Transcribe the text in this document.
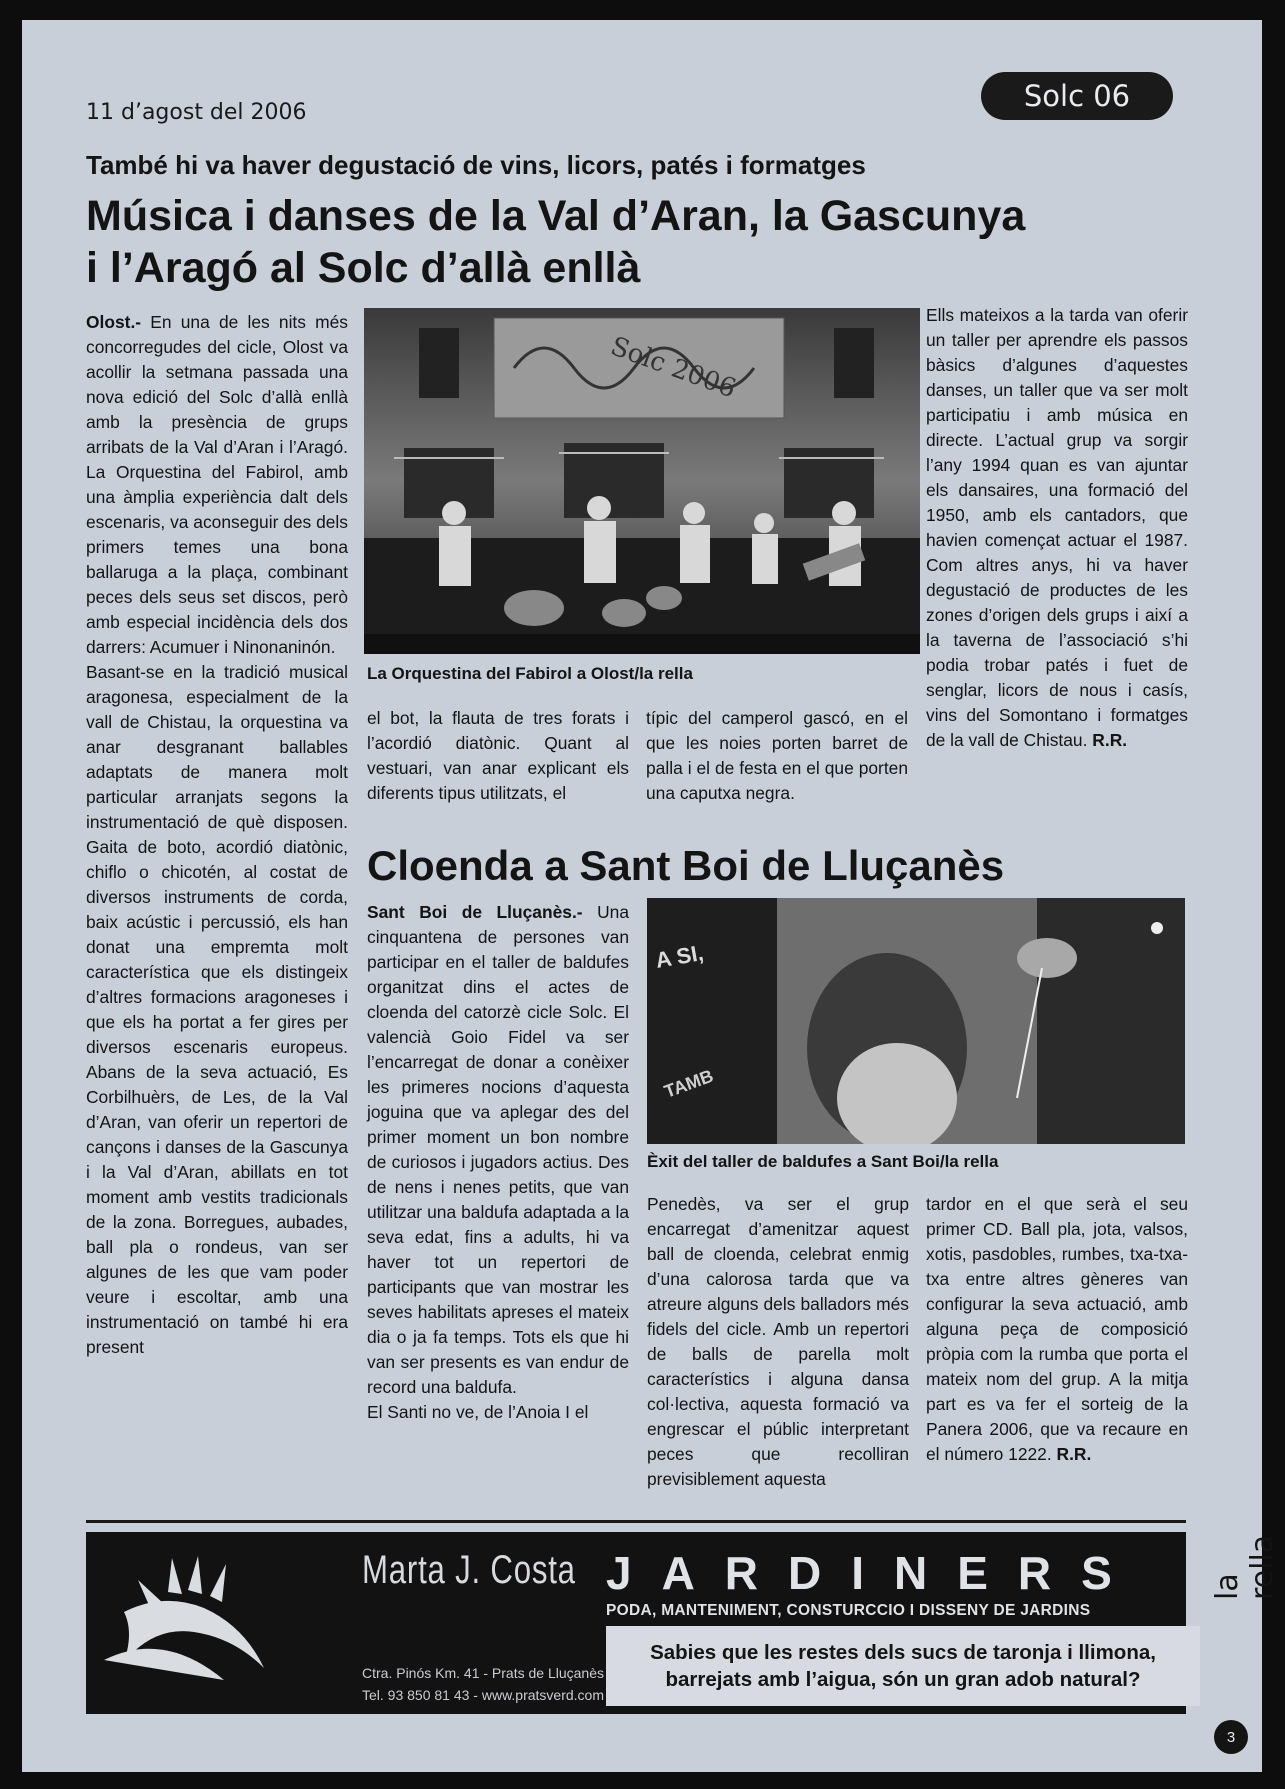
11 d’agost del 2006	Solc 06
També hi va haver degustació de vins, licors, patés i formatges
Música i danses de la Val d’Aran, la Gascunya i l’Aragó al Solc d’allà enllà

Olost.- En una de les nits més concorregudes del cicle, Olost va acollir la setmana passada una nova edició del Solc d’allà enllà amb la presència de grups arribats de la Val d’Aran i l’Aragó. La Orquestina del Fabirol, amb una àmplia experiència dalt dels escenaris, va aconseguir des dels primers temes una bona ballaruga a la plaça, combinant peces dels seus set discos, però amb especial incidència dels dos darrers: Acumuer i Ninonaninón.

Basant-se en la tradició musical aragonesa, especialment de la vall de Chistau, la orquestina va anar desgranant ballables adaptats de manera molt particular arranjats segons la instrumentació de què disposen. Gaita de boto, acordió diatònic, chiflo o chicotén, al costat de diversos instruments de corda, baix acústic i percussió, els han donat una empremta molt característica que els distingeix d’altres formacions aragoneses i que els ha portat a fer gires per diversos escenaris europeus. Abans de la seva actuació, Es Corbilhuèrs, de Les, de la Val d’Aran, van oferir un repertori de cançons i danses de la Gascunya i la Val d’Aran, abillats en tot moment amb vestits tradicionals de la zona. Borregues, aubades, ball pla o rondeus, van ser algunes de les que vam poder veure i escoltar, amb una instrumentació on també hi era present

Solc 2006
La Orquestina del Fabirol a Olost/la rella

el bot, la flauta de tres forats i l’acordió diatònic. Quant al vestuari, van anar explicant els diferents tipus utilitzats, el

típic del camperol gascó, en el que les noies porten barret de palla i el de festa en el que porten una caputxa negra.

Ells mateixos a la tarda van oferir un taller per aprendre els passos bàsics d’algunes d’aquestes danses, un taller que va ser molt participatiu i amb música en directe. L’actual grup va sorgir l’any 1994 quan es van ajuntar els dansaires, una formació del 1950, amb els cantadors, que havien començat actuar el 1987. Com altres anys, hi va haver degustació de productes de les zones d’origen dels grups i així a la taverna de l’associació s’hi podia trobar patés i fuet de senglar, licors de nous i casís, vins del Somontano i formatges de la vall de Chistau. R.R.

Cloenda a Sant Boi de Lluçanès

Sant Boi de Lluçanès.- Una cinquantena de persones van participar en el taller de baldufes organitzat dins el actes de cloenda del catorzè cicle Solc. El valencià Goio Fidel va ser l’encarregat de donar a conèixer les primeres nocions d’aquesta joguina que va aplegar des del primer moment un bon nombre de curiosos i jugadors actius. Des de nens i nenes petits, que van utilitzar una baldufa adaptada a la seva edat, fins a adults, hi va haver tot un repertori de participants que van mostrar les seves habilitats apreses el mateix dia o ja fa temps. Tots els que hi van ser presents es van endur de record una baldufa.

El Santi no ve, de l’Anoia I el

A SI,
TAMB
Èxit del taller de baldufes a Sant Boi/la rella

Penedès, va ser el grup encarregat d’amenitzar aquest ball de cloenda, celebrat enmig d’una calorosa tarda que va atreure alguns dels balladors més fidels del cicle. Amb un repertori de balls de parella molt característics i alguna dansa col·lectiva, aquesta formació va engrescar el públic interpretant peces que recolliran previsiblement aquesta

tardor en el que serà el seu primer CD. Ball pla, jota, valsos, xotis, pasdobles, rumbes, txa-txa-txa entre altres gèneres van configurar la seva actuació, amb alguna peça de composició pròpia com la rumba que porta el mateix nom del grup. A la mitja part es va fer el sorteig de la Panera 2006, que va recaure en el número 1222. R.R.

Marta J. Costa
Ctra. Pinós Km. 41 - Prats de Lluçanès
Tel. 93 850 81 43 - www.pratsverd.com
JARDINERS
PODA, MANTENIMENT, CONSTURCCIO I DISSENY DE JARDINS
Sabies que les restes dels sucs de taronja i llimona, barrejats amb l’aigua, són un gran adob natural?
la rella
3
